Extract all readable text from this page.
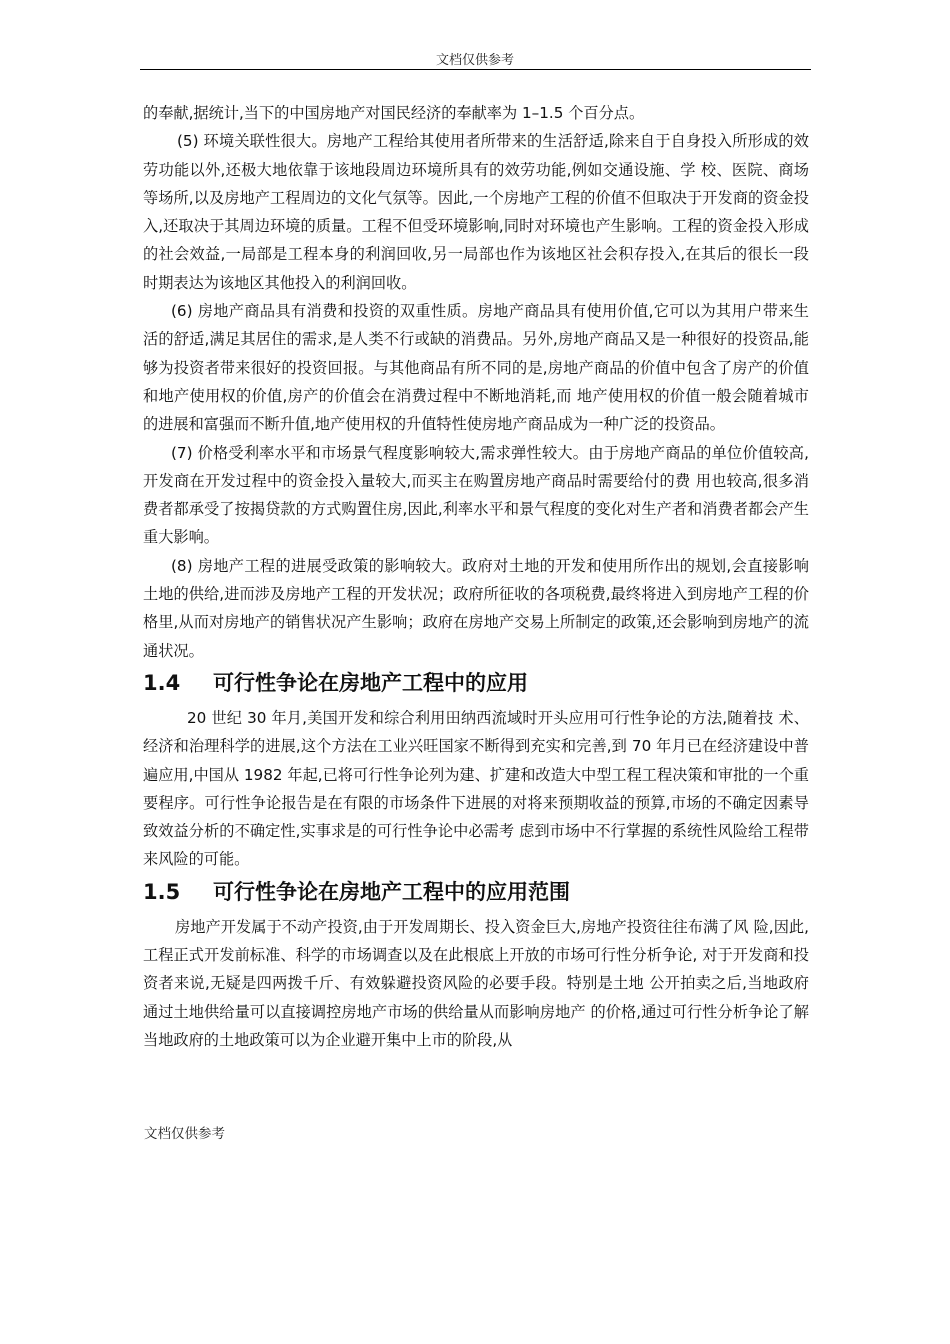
文档仅供参考

的奉献,据统计,当下的中国房地产对国民经济的奉献率为 1–1.5 个百分点。

(5) 环境关联性很大。房地产工程给其使用者所带来的生活舒适,除来自于自身投入所形成的效劳功能以外,还极大地依靠于该地段周边环境所具有的效劳功能,例如交通设施、学 校、医院、商场等场所,以及房地产工程周边的文化气氛等。因此,一个房地产工程的价值不但取决于开发商的资金投入,还取决于其周边环境的质量。工程不但受环境影响,同时对环境也产生影响。工程的资金投入形成的社会效益,一局部是工程本身的利润回收,另一局部也作为该地区社会积存投入,在其后的很长一段时期表达为该地区其他投入的利润回收。

(6) 房地产商品具有消费和投资的双重性质。房地产商品具有使用价值,它可以为其用户带来生活的舒适,满足其居住的需求,是人类不行或缺的消费品。另外,房地产商品又是一种很好的投资品,能够为投资者带来很好的投资回报。与其他商品有所不同的是,房地产商品的价值中包含了房产的价值和地产使用权的价值,房产的价值会在消费过程中不断地消耗,而 地产使用权的价值一般会随着城市的进展和富强而不断升值,地产使用权的升值特性使房地产商品成为一种广泛的投资品。

(7) 价格受利率水平和市场景气程度影响较大,需求弹性较大。由于房地产商品的单位价值较高,开发商在开发过程中的资金投入量较大,而买主在购置房地产商品时需要给付的费 用也较高,很多消费者都承受了按揭贷款的方式购置住房,因此,利率水平和景气程度的变化对生产者和消费者都会产生重大影响。

(8) 房地产工程的进展受政策的影响较大。政府对土地的开发和使用所作出的规划,会直接影响土地的供给,进而涉及房地产工程的开发状况；政府所征收的各项税费,最终将进入到房地产工程的价格里,从而对房地产的销售状况产生影响；政府在房地产交易上所制定的政策,还会影响到房地产的流通状况。

1.4 可行性争论在房地产工程中的应用

20 世纪 30 年月,美国开发和综合利用田纳西流域时开头应用可行性争论的方法,随着技 术、经济和治理科学的进展,这个方法在工业兴旺国家不断得到充实和完善,到 70 年月已在经济建设中普遍应用,中国从 1982 年起,已将可行性争论列为建、扩建和改造大中型工程工程决策和审批的一个重要程序。可行性争论报告是在有限的市场条件下进展的对将来预期收益的预算,市场的不确定因素导致效益分析的不确定性,实事求是的可行性争论中必需考 虑到市场中不行掌握的系统性风险给工程带来风险的可能。

1.5 可行性争论在房地产工程中的应用范围

房地产开发属于不动产投资,由于开发周期长、投入资金巨大,房地产投资往往布满了风 险,因此,工程正式开发前标准、科学的市场调查以及在此根底上开放的市场可行性分析争论, 对于开发商和投资者来说,无疑是四两拨千斤、有效躲避投资风险的必要手段。特别是土地 公开拍卖之后,当地政府通过土地供给量可以直接调控房地产市场的供给量从而影响房地产 的价格,通过可行性分析争论了解当地政府的土地政策可以为企业避开集中上市的阶段,从

文档仅供参考
